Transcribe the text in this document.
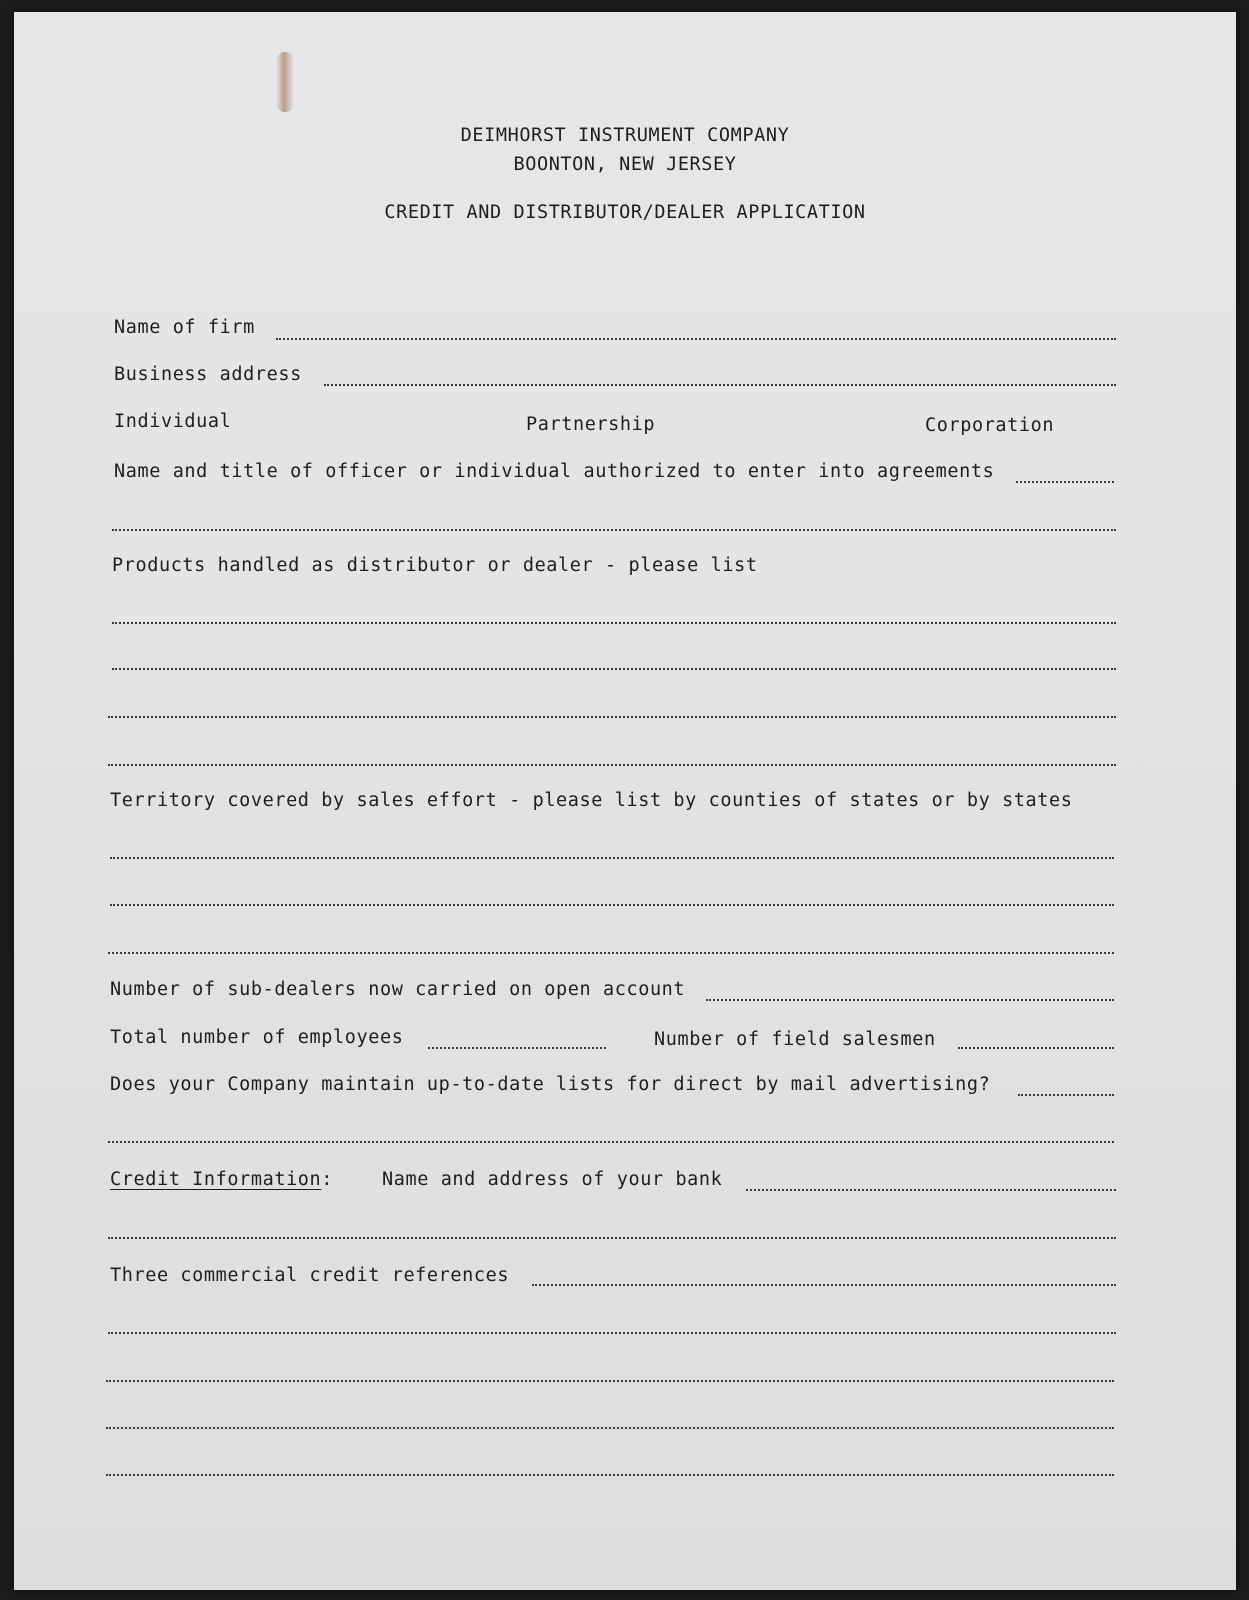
DEIMHORST INSTRUMENT COMPANY
BOONTON, NEW JERSEY
CREDIT AND DISTRIBUTOR/DEALER APPLICATION
Name of firm
Business address
Individual	Partnership	Corporation
Name and title of officer or individual authorized to enter into agreements
Products handled as distributor or dealer - please list
Territory covered by sales effort - please list by counties of states or by states
Number of sub-dealers now carried on open account
Total number of employees	Number of field salesmen
Does your Company maintain up-to-date lists for direct by mail advertising?
Credit Information:	Name and address of your bank
Three commercial credit references
